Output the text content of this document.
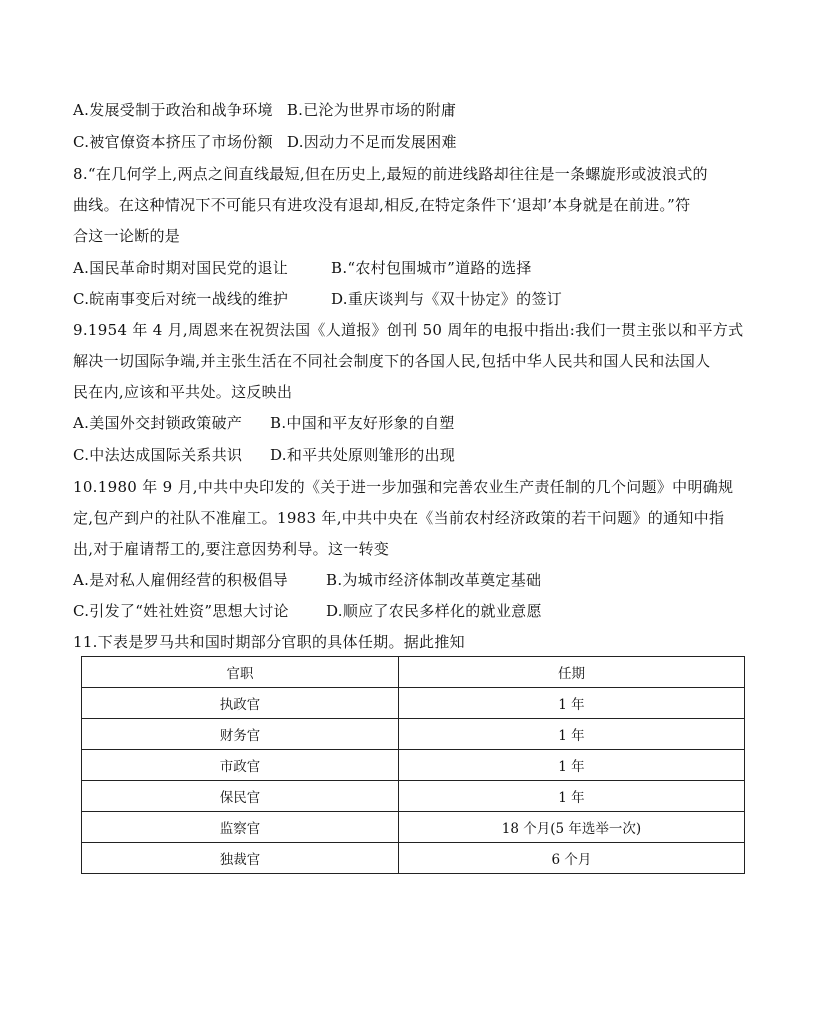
A.发展受制于政治和战争环境 B.已沦为世界市场的附庸
C.被官僚资本挤压了市场份额 D.因动力不足而发展困难
8.“在几何学上,两点之间直线最短,但在历史上,最短的前进线路却往往是一条螺旋形或波浪式的
曲线。在这种情况下不可能只有进攻没有退却,相反,在特定条件下‘退却’本身就是在前进。”符
合这一论断的是
A.国民革命时期对国民党的退让	B.“农村包围城市”道路的选择
C.皖南事变后对统一战线的维护	D.重庆谈判与《双十协定》的签订
9.1954 年 4 月,周恩来在祝贺法国《人道报》创刊 50 周年的电报中指出:我们一贯主张以和平方式
解决一切国际争端,并主张生活在不同社会制度下的各国人民,包括中华人民共和国人民和法国人
民在内,应该和平共处。这反映出
A.美国外交封锁政策破产 B.中国和平友好形象的自塑
C.中法达成国际关系共识 D.和平共处原则雏形的出现
10.1980 年 9 月,中共中央印发的《关于进一步加强和完善农业生产责任制的几个问题》中明确规
定,包产到户的社队不准雇工。1983 年,中共中央在《当前农村经济政策的若干问题》的通知中指
出,对于雇请帮工的,要注意因势利导。这一转变
A.是对私人雇佣经营的积极倡导	B.为城市经济体制改革奠定基础
C.引发了“姓社姓资”思想大讨论 D.顺应了农民多样化的就业意愿
11.下表是罗马共和国时期部分官职的具体任期。据此推知
官职	任期
执政官	1 年
财务官	1 年
市政官	1 年
保民官	1 年
监察官	18 个月(5 年选举一次)
独裁官	6 个月
